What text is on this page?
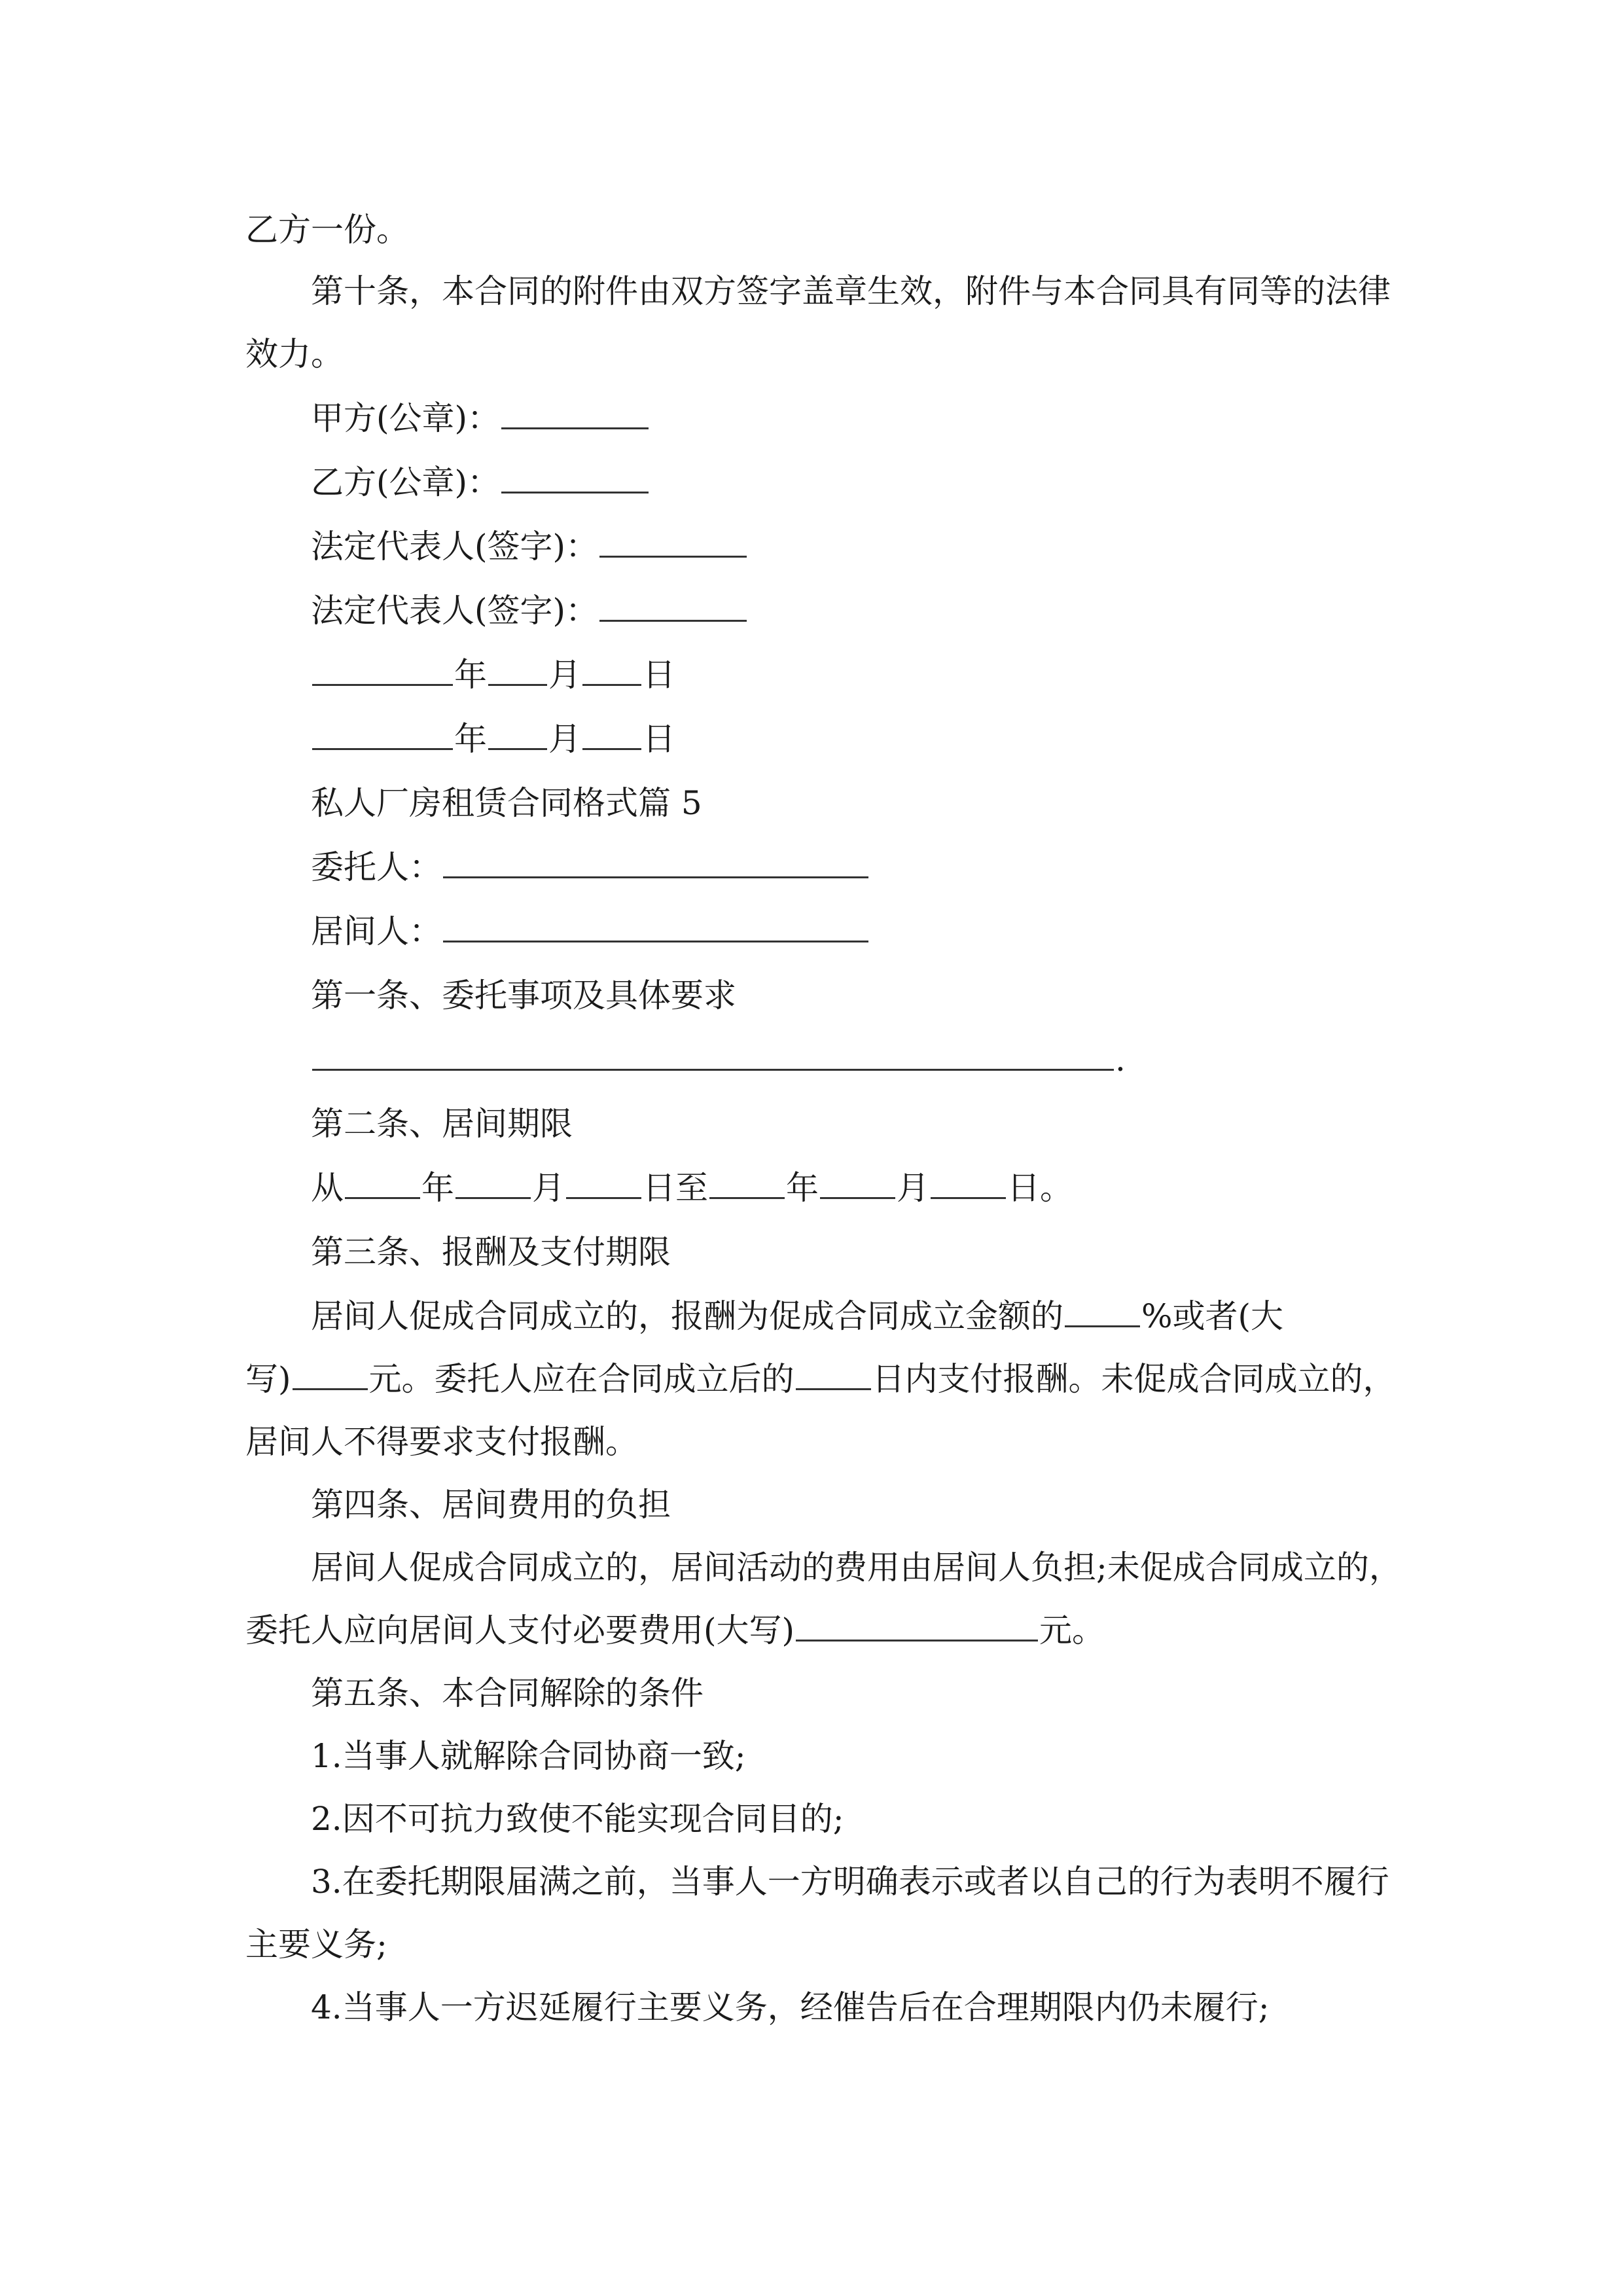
乙方一份。
第十条，本合同的附件由双方签字盖章生效，附件与本合同具有同等的法律
效力。
甲方(公章)：
乙方(公章)：
法定代表人(签字)：
法定代表人(签字)：
年 月 日
年 月 日
私人厂房租赁合同格式篇 5
委托人：
居间人：
第一条、委托事项及具体要求
.
第二条、居间期限
从 年 月 日至 年 月 日。
第三条、报酬及支付期限
居间人促成合同成立的，报酬为促成合同成立金额的 %或者(大
写) 元。委托人应在合同成立后的 日内支付报酬。未促成合同成立的，
居间人不得要求支付报酬。
第四条、居间费用的负担
居间人促成合同成立的，居间活动的费用由居间人负担;未促成合同成立的，
委托人应向居间人支付必要费用(大写)	元。
第五条、本合同解除的条件
1.当事人就解除合同协商一致;
2.因不可抗力致使不能实现合同目的;
3.在委托期限届满之前，当事人一方明确表示或者以自己的行为表明不履行
主要义务;
4.当事人一方迟延履行主要义务，经催告后在合理期限内仍未履行;
